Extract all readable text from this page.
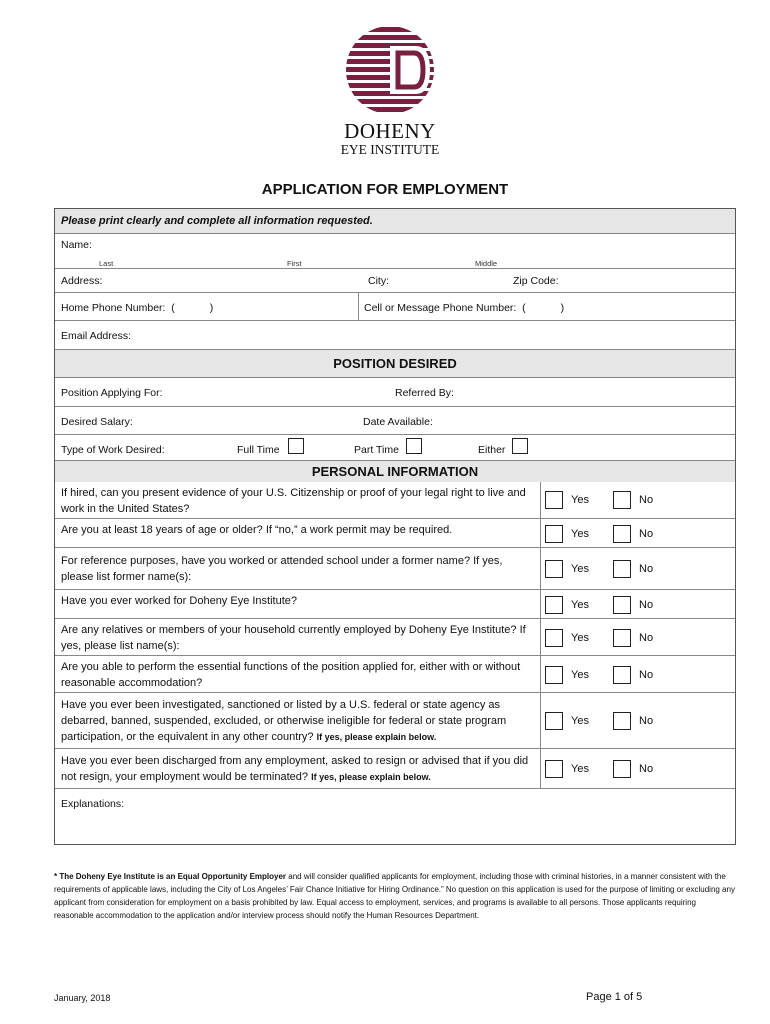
DOHENY
EYE INSTITUTE
APPLICATION FOR EMPLOYMENT
Please print clearly and complete all information requested.
Name:
Last	First	Middle
Address:	City:	Zip Code:
Home Phone Number:  (            )	Cell or Message Phone Number:  (            )
Email Address:
POSITION DESIRED
Position Applying For:	Referred By:
Desired Salary:	Date Available:
Type of Work Desired:	Full Time	Part Time	Either
PERSONAL INFORMATION
If hired, can you present evidence of your U.S. Citizenship or proof of your legal right to live and work in the United States?
Yes	No
Are you at least 18 years of age or older? If “no,” a work permit may be required.	Yes	No
For reference purposes, have you worked or attended school under a former name? If yes, please list former name(s):
Yes	No
Have you ever worked for Doheny Eye Institute?	Yes	No
Are any relatives or members of your household currently employed by Doheny Eye Institute? If yes, please list name(s):
Yes	No
Are you able to perform the essential functions of the position applied for, either with or without reasonable accommodation?
Yes	No
Have you ever been investigated, sanctioned or listed by a U.S. federal or state agency as debarred, banned, suspended, excluded, or otherwise ineligible for federal or state program participation, or the equivalent in any other country? If yes, please explain below.
Yes	No
Have you ever been discharged from any employment, asked to resign or advised that if you did not resign, your employment would be terminated? If yes, please explain below.
Yes	No
Explanations:
* The Doheny Eye Institute is an Equal Opportunity Employer and will consider qualified applicants for employment, including those with criminal histories, in a manner consistent with the requirements of applicable laws, including the City of Los Angeles’ Fair Chance Initiative for Hiring Ordinance.” No question on this application is used for the purpose of limiting or excluding any applicant from consideration for employment on a basis prohibited by law. Equal access to employment, services, and programs is available to all persons. Those applicants requiring reasonable accommodation to the application and/or interview process should notify the Human Resources Department.
January, 2018	Page 1 of 5
